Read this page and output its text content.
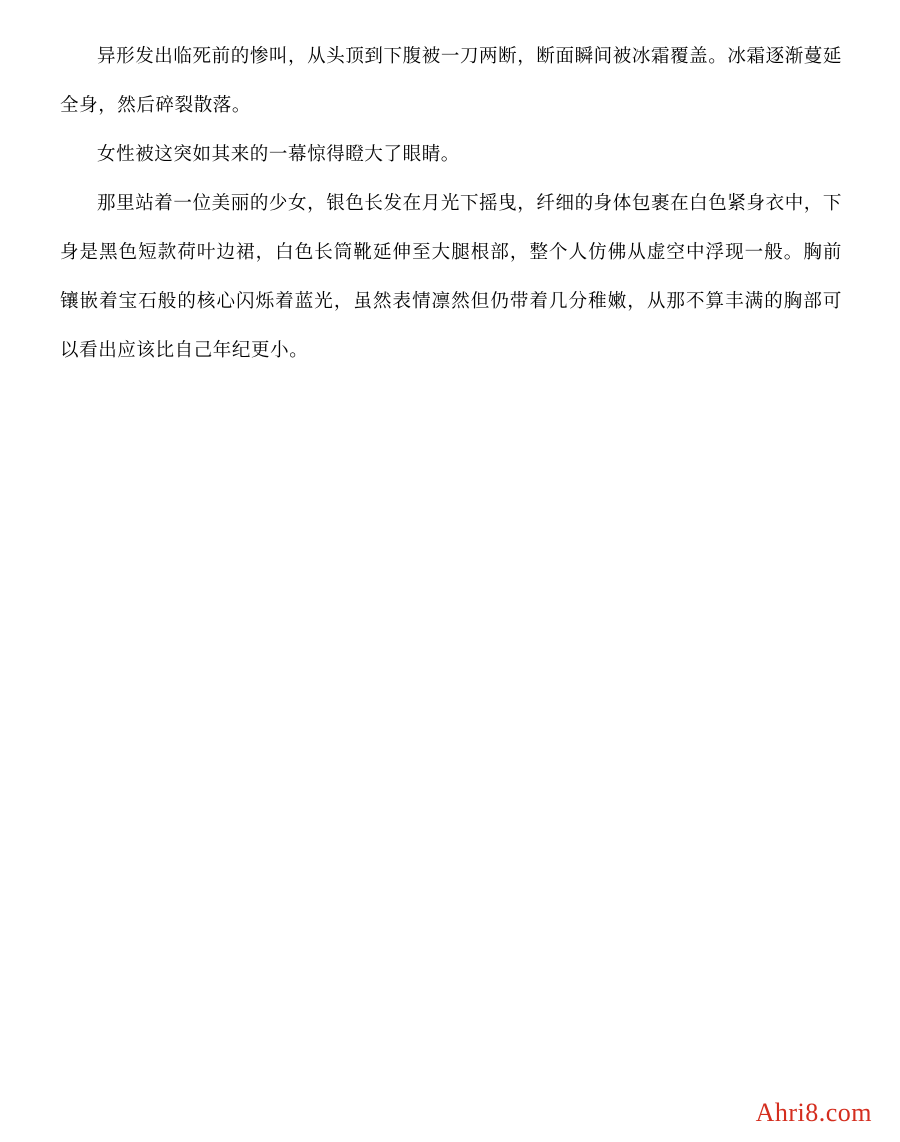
异形发出临死前的惨叫，从头顶到下腹被一刀两断，断面瞬间被冰霜覆盖。冰霜逐渐蔓延全身，然后碎裂散落。

女性被这突如其来的一幕惊得瞪大了眼睛。

那里站着一位美丽的少女，银色长发在月光下摇曳，纤细的身体包裹在白色紧身衣中，下身是黑色短款荷叶边裙，白色长筒靴延伸至大腿根部，整个人仿佛从虚空中浮现一般。胸前镶嵌着宝石般的核心闪烁着蓝光，虽然表情凛然但仍带着几分稚嫩，从那不算丰满的胸部可以看出应该比自己年纪更小。

Ahri8.com
